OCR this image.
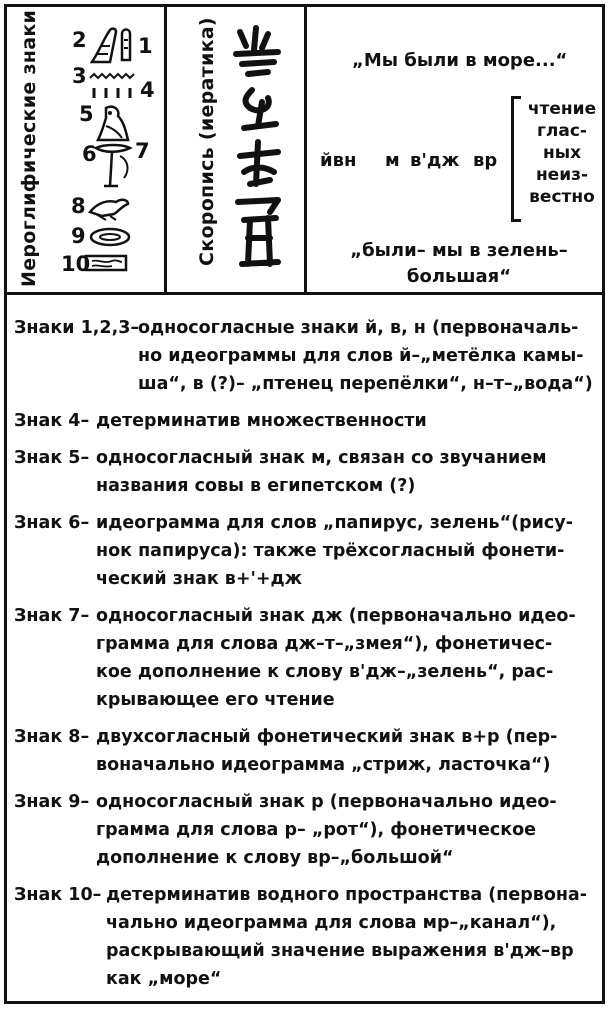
Иероглифические знаки 2 1
3
4
5
6 7
8
9
10	Скоропись (иератика)	„Мы были в море...“
йвн м в'дж вр
чтение
глас-
ных
неиз-
вестно
„были– мы в зелень–
большая“
Знаки 1,2,3–
односогласные знаки й, в, н (первоначаль-
но идеограммы для слов й–„метёлка камы-
ша“, в (?)– „птенец перепёлки“, н–т–„вода“)
Знак 4– детерминатив множественности
Знак 5– односогласный знак м, связан со звучанием
названия совы в египетском (?)
Знак 6– идеограмма для слов „папирус, зелень“(рису-
нок папируса): также трёхсогласный фонети-
ческий знак в+'+дж
Знак 7– односогласный знак дж (первоначально идео-
грамма для слова дж–т–„змея“), фонетичес-
кое дополнение к слову в'дж–„зелень“, рас-
крывающее его чтение
Знак 8– двухсогласный фонетический знак в+р (пер-
воначально идеограмма „стриж, ласточка“)
Знак 9– односогласный знак р (первоначально идео-
грамма для слова р– „рот“), фонетическое
дополнение к слову вр–„большой“
Знак 10– детерминатив водного пространства (первона-
чально идеограмма для слова мр–„канал“),
раскрывающий значение выражения в'дж–вр
как „море“
